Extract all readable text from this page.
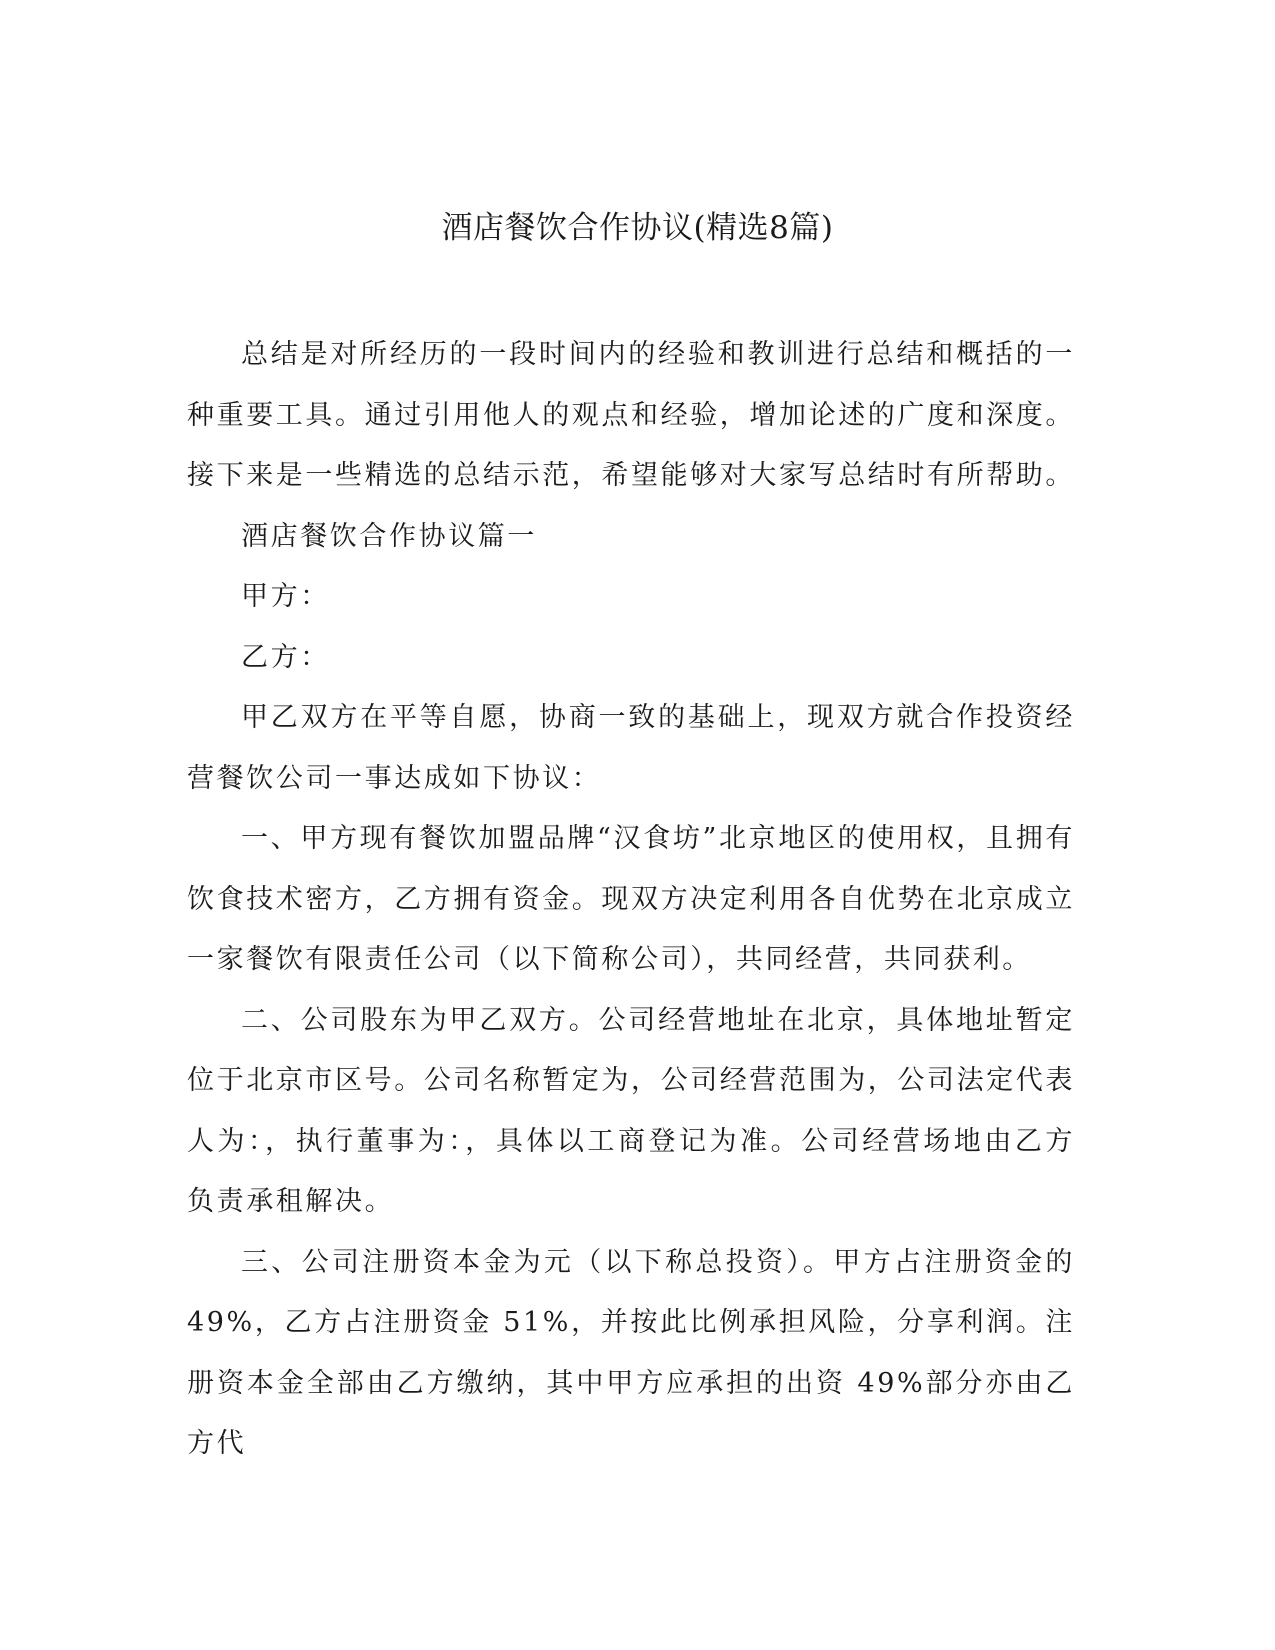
酒店餐饮合作协议(精选8篇)

总结是对所经历的一段时间内的经验和教训进行总结和概括的一种重要工具。通过引用他人的观点和经验，增加论述的广度和深度。接下来是一些精选的总结示范，希望能够对大家写总结时有所帮助。

酒店餐饮合作协议篇一

甲方：

乙方：

甲乙双方在平等自愿，协商一致的基础上，现双方就合作投资经营餐饮公司一事达成如下协议：

一、甲方现有餐饮加盟品牌“汉食坊”北京地区的使用权，且拥有饮食技术密方，乙方拥有资金。现双方决定利用各自优势在北京成立一家餐饮有限责任公司（以下简称公司），共同经营，共同获利。

二、公司股东为甲乙双方。公司经营地址在北京，具体地址暂定位于北京市区号。公司名称暂定为，公司经营范围为，公司法定代表人为：，执行董事为：，具体以工商登记为准。公司经营场地由乙方负责承租解决。

三、公司注册资本金为元（以下称总投资）。甲方占注册资金的49%，乙方占注册资金 51%，并按此比例承担风险，分享利润。注册资本金全部由乙方缴纳，其中甲方应承担的出资 49%部分亦由乙方代
